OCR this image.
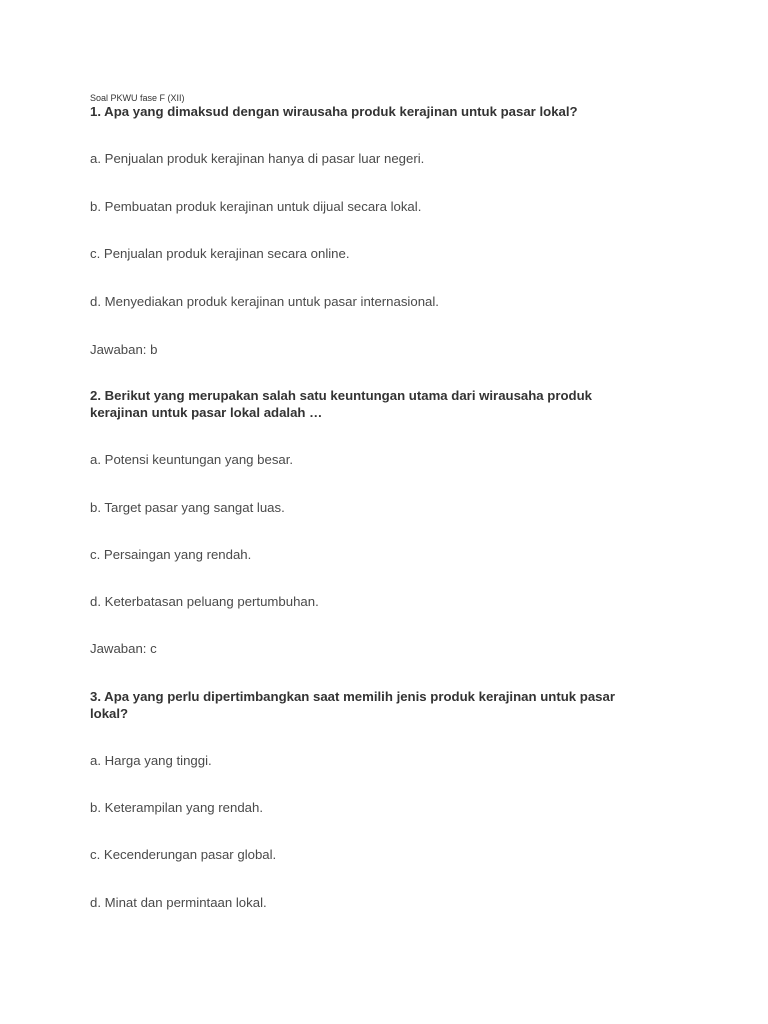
Soal PKWU fase F (XII)
1. Apa yang dimaksud dengan wirausaha produk kerajinan untuk pasar lokal?
a. Penjualan produk kerajinan hanya di pasar luar negeri.
b. Pembuatan produk kerajinan untuk dijual secara lokal.
c. Penjualan produk kerajinan secara online.
d. Menyediakan produk kerajinan untuk pasar internasional.
Jawaban: b
2. Berikut yang merupakan salah satu keuntungan utama dari wirausaha produk kerajinan untuk pasar lokal adalah …
a. Potensi keuntungan yang besar.
b. Target pasar yang sangat luas.
c. Persaingan yang rendah.
d. Keterbatasan peluang pertumbuhan.
Jawaban: c
3. Apa yang perlu dipertimbangkan saat memilih jenis produk kerajinan untuk pasar lokal?
a. Harga yang tinggi.
b. Keterampilan yang rendah.
c. Kecenderungan pasar global.
d. Minat dan permintaan lokal.
